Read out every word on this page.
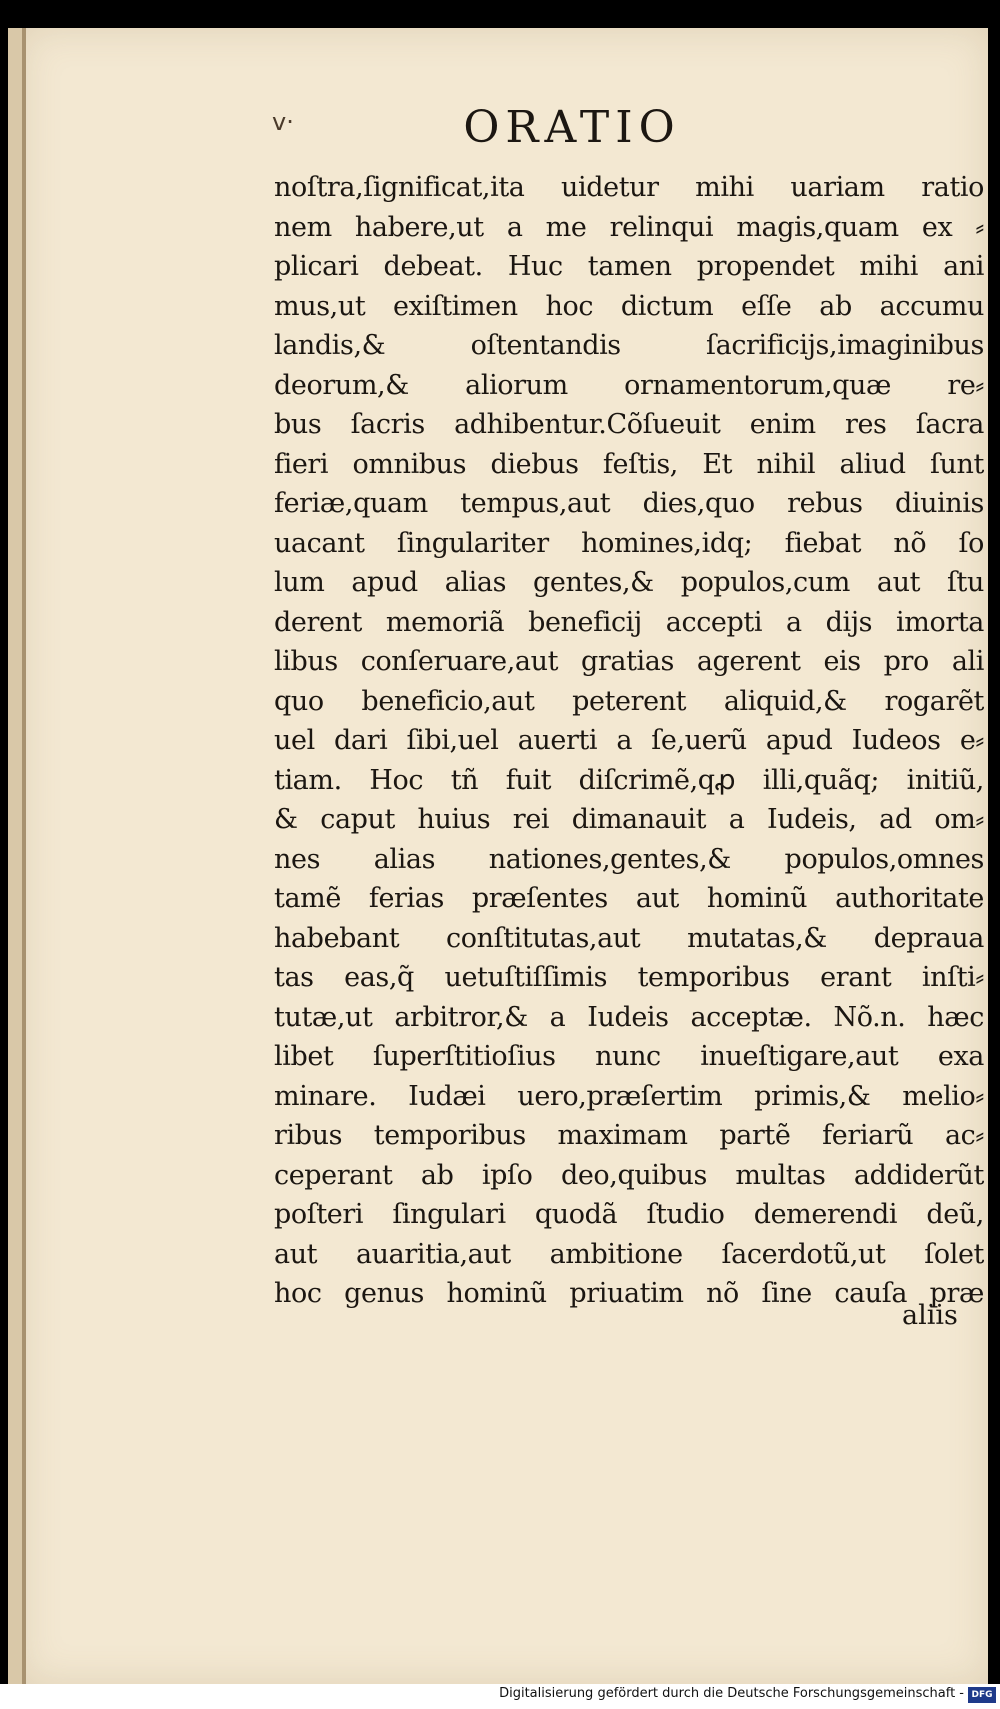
v·	ORATIO
noſtra,ſignificat,ita uidetur mihi uariam ratio
nem habere,ut a me relinqui magis,quam ex ⸗
plicari debeat. Huc tamen propendet mihi ani
mus,ut exiſtimen hoc dictum eſſe ab accumu
landis,& oſtentandis ſacrificijs,imaginibus
deorum,& aliorum ornamentorum,quæ re⸗
bus ſacris adhibentur.Cõſueuit enim res ſacra
fieri omnibus diebus feſtis, Et nihil aliud ſunt
feriæ,quam tempus,aut dies,quo rebus diuinis
uacant ſingulariter homines,idq; fiebat nõ ſo
lum apud alias gentes,& populos,cum aut ſtu
derent memoriã beneficij accepti a dijs imorta
libus conſeruare,aut gratias agerent eis pro ali
quo beneficio,aut peterent aliquid,& rogarẽt
uel dari ſibi,uel auerti a ſe,uerũ apud Iudeos e⸗
tiam. Hoc tñ fuit diſcrimẽ,qꝓ illi,quãq; initiũ,
& caput huius rei dimanauit a Iudeis, ad om⸗
nes alias nationes,gentes,& populos,omnes
tamẽ ferias præſentes aut hominũ authoritate
habebant conſtitutas,aut mutatas,& deprauа
tas eas,q̃ uetuſtiſſimis temporibus erant inſti⸗
tutæ,ut arbitror,& a Iudeis acceptæ. Nõ.n. hæc
libet ſuperſtitioſius nunc inueſtigare,aut exa
minare. Iudæi uero,præſertim primis,& melio⸗
ribus temporibus maximam partẽ feriarũ ac⸗
ceperant ab ipſo deo,quibus multas addiderũt
poſteri ſingulari quodã ſtudio demerendi deũ,
aut auaritia,aut ambitione ſacerdotũ,ut ſolet
hoc genus hominũ priuatim nõ ſine cauſa præ
aliis
Digitalisierung gefördert durch die Deutsche Forschungsgemeinschaft - DFG
